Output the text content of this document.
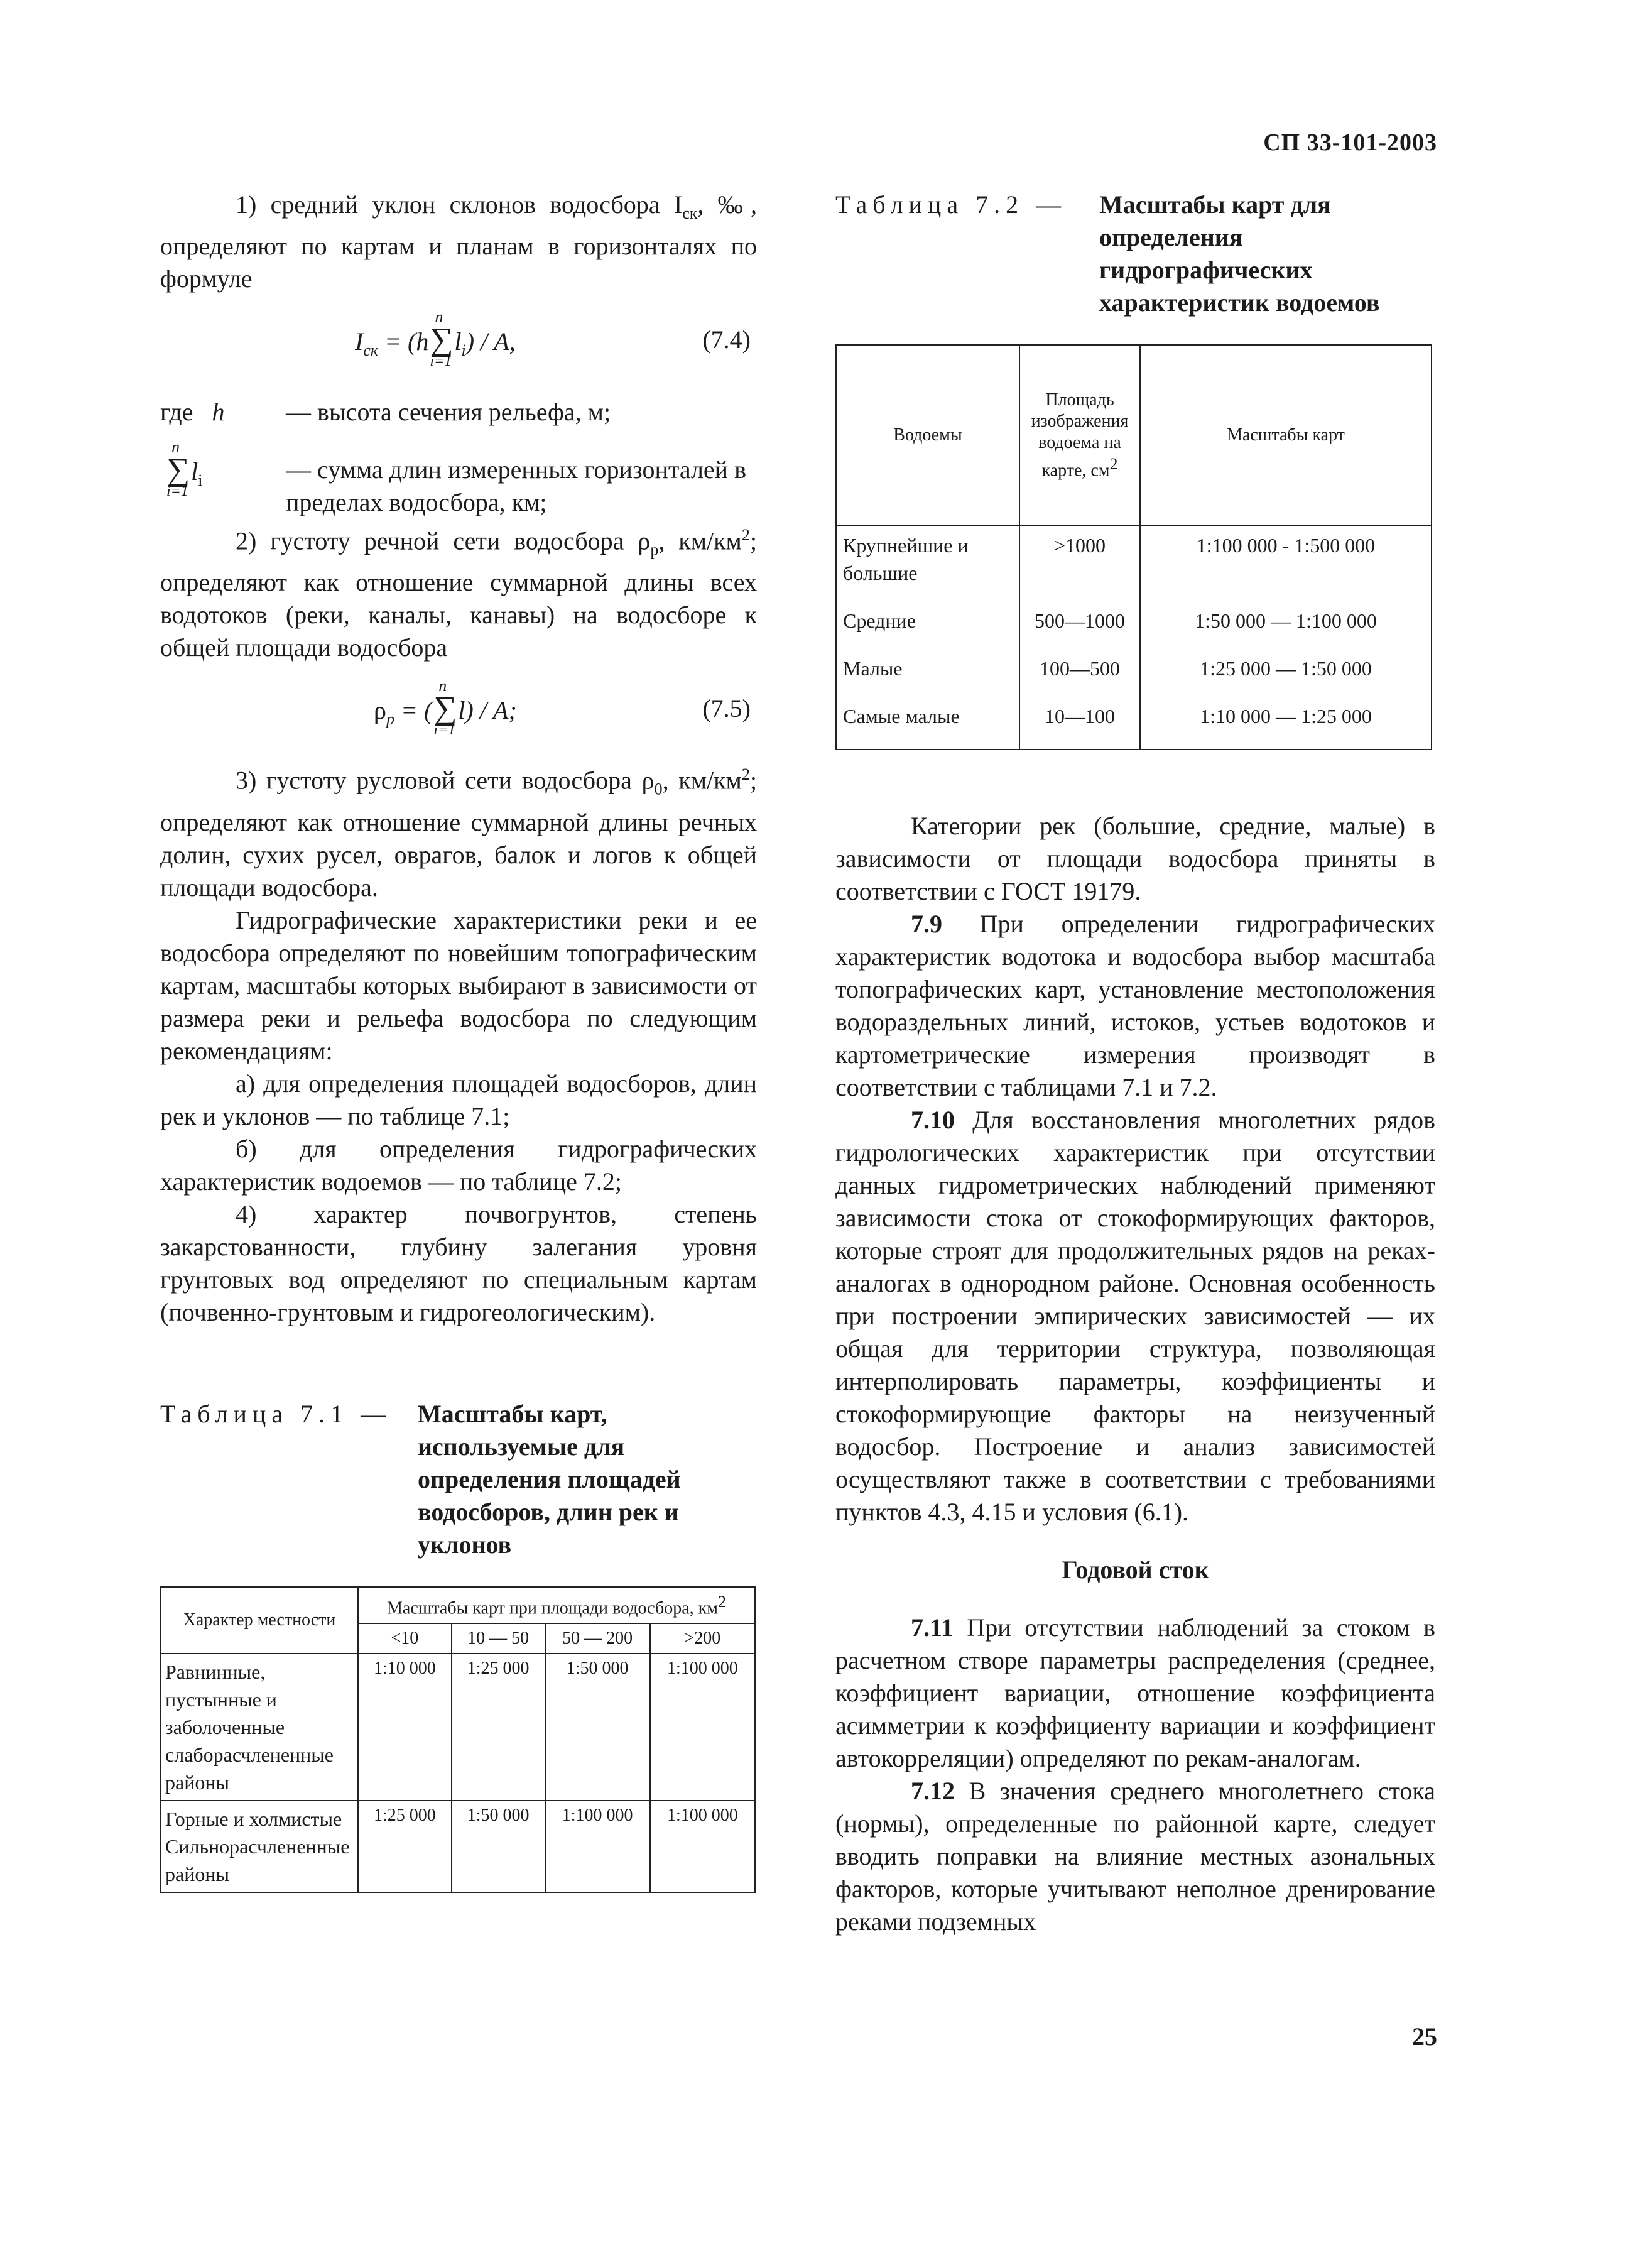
СП 33-101-2003

1) средний уклон склонов водосбора $I_{ск}$, ‰, определяют по картам и планам в горизонталях по формуле

$I_{ск} = (h\sum$
n
i=1
$l_i$) / A,	(7.4)
где h	— высота сечения рельефа, м;
∑
n
i=1
$l_i$	— сумма длин измеренных горизонталей в пределах водосбора, км;

2) густоту речной сети водосбора $\rho_р$, $км/км^2$; определяют как отношение суммарной длины всех водотоков (реки, каналы, канавы) на водосборе к общей площади водосбора

$\rho_р$ = (∑
n
i=1
l) / A;	(7.5)

3) густоту русловой сети водосбора $\rho_0$, $км/км^2$; определяют как отношение суммарной длины речных долин, сухих русел, оврагов, балок и логов к общей площади водосбора.

Гидрографические характеристики реки и ее водосбора определяют по новейшим топографическим картам, масштабы которых выбирают в зависимости от размера реки и рельефа водосбора по следующим рекомендациям:

а) для определения площадей водосборов, длин рек и уклонов — по таблице 7.1;

б) для определения гидрографических характеристик водоемов — по таблице 7.2;

4) характер почвогрунтов, степень закарстованности, глубину залегания уровня грунтовых вод определяют по специальным картам (почвенно-грунтовым и гидрогеологическим).

Таблица 7.1 —	Масштабы карт, используемые для определения площадей водосборов, длин рек и уклонов
Характер местности	Масштабы карт при площади водосбора, км2			
	<10	10 — 50	50 — 200	>200
Равнинные, пустынные и заболоченные слаборасчлененные районы	1:10 000	1:25 000	1:50 000	1:100 000
Горные и холмистые Сильнорасчлененные районы	1:25 000	1:50 000	1:100 000	1:100 000
Таблица 7.2 —	Масштабы карт для определения гидрографических характеристик водоемов
Водоемы	Площадь изображения водоема на карте, см2	Масштабы карт
Крупнейшие и большие	>1000	1:100 000 - 1:500 000
Средние	500—1000	1:50 000 — 1:100 000
Малые	100—500	1:25 000 — 1:50 000
Самые малые	10—100	1:10 000 — 1:25 000

Категории рек (большие, средние, малые) в зависимости от площади водосбора приняты в соответствии с ГОСТ 19179.

7.9 При определении гидрографических характеристик водотока и водосбора выбор масштаба топографических карт, установление местоположения водораздельных линий, истоков, устьев водотоков и картометрические измерения производят в соответствии с таблицами 7.1 и 7.2.

7.10 Для восстановления многолетних рядов гидрологических характеристик при отсутствии данных гидрометрических наблюдений применяют зависимости стока от стокоформирующих факторов, которые строят для продолжительных рядов на реках-аналогах в однородном районе. Основная особенность при построении эмпирических зависимостей — их общая для территории структура, позволяющая интерполировать параметры, коэффициенты и стокоформирующие факторы на неизученный водосбор. Построение и анализ зависимостей осуществляют также в соответствии с требованиями пунктов 4.3, 4.15 и условия (6.1).

Годовой сток

7.11 При отсутствии наблюдений за стоком в расчетном створе параметры распределения (среднее, коэффициент вариации, отношение коэффициента асимметрии к коэффициенту вариации и коэффициент автокорреляции) определяют по рекам-аналогам.

7.12 В значения среднего многолетнего стока (нормы), определенные по районной карте, следует вводить поправки на влияние местных азональных факторов, которые учитывают неполное дренирование реками подземных

25
